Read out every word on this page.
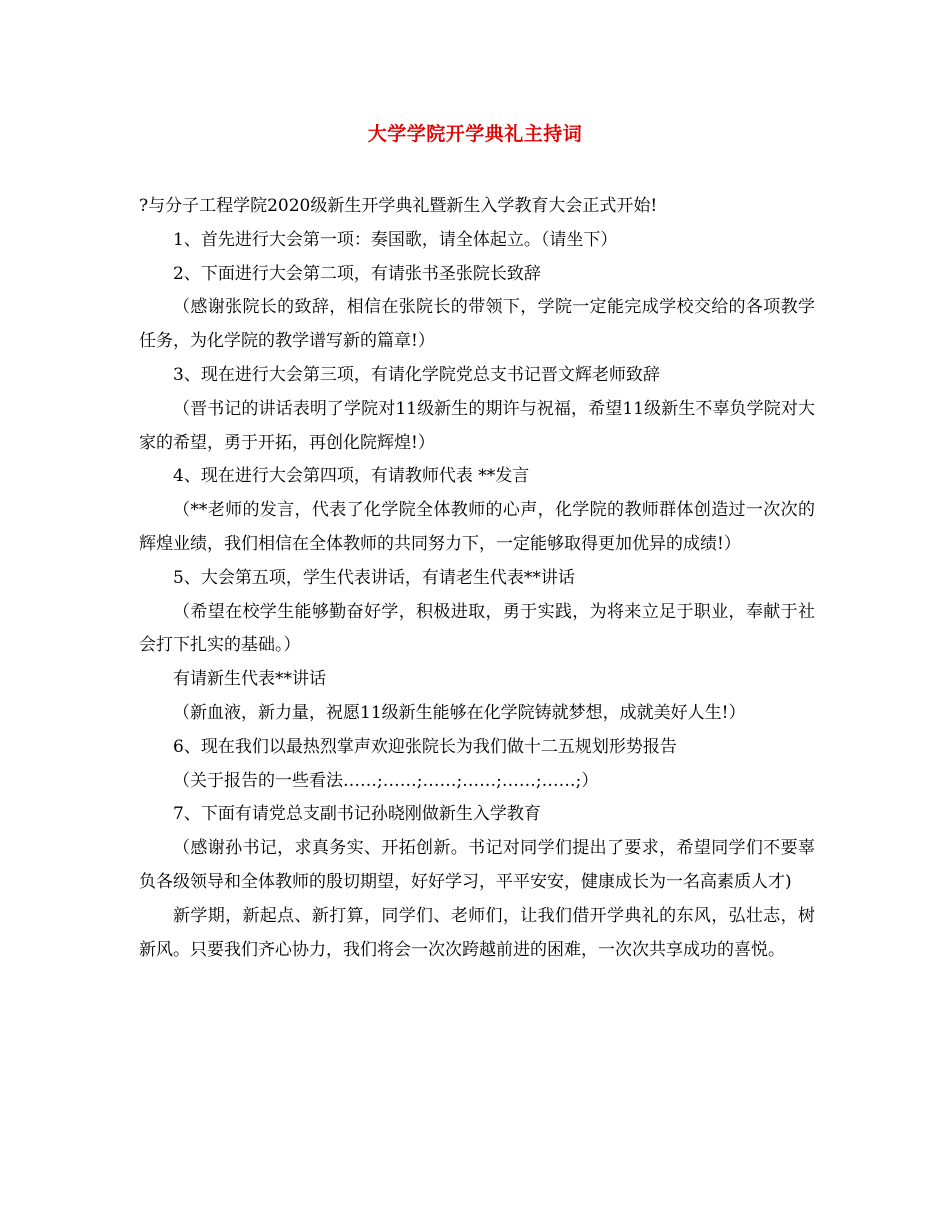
大学学院开学典礼主持词

?与分子工程学院2020级新生开学典礼暨新生入学教育大会正式开始!

1、首先进行大会第一项：奏国歌，请全体起立。（请坐下）

2、下面进行大会第二项，有请张书圣张院长致辞

（感谢张院长的致辞，相信在张院长的带领下，学院一定能完成学校交给的各项教学任务，为化学院的教学谱写新的篇章!）

3、现在进行大会第三项，有请化学院党总支书记晋文辉老师致辞

（晋书记的讲话表明了学院对11级新生的期许与祝福，希望11级新生不辜负学院对大家的希望，勇于开拓，再创化院辉煌!）

4、现在进行大会第四项，有请教师代表 **发言

（**老师的发言，代表了化学院全体教师的心声，化学院的教师群体创造过一次次的辉煌业绩，我们相信在全体教师的共同努力下，一定能够取得更加优异的成绩!）

5、大会第五项，学生代表讲话，有请老生代表**讲话

（希望在校学生能够勤奋好学，积极进取，勇于实践，为将来立足于职业，奉献于社会打下扎实的基础。）

有请新生代表**讲话

（新血液，新力量，祝愿11级新生能够在化学院铸就梦想，成就美好人生!）

6、现在我们以最热烈掌声欢迎张院长为我们做十二五规划形势报告

（关于报告的一些看法……;……;……;……;……;……;）

7、下面有请党总支副书记孙晓刚做新生入学教育

（感谢孙书记，求真务实、开拓创新。书记对同学们提出了要求，希望同学们不要辜负各级领导和全体教师的殷切期望，好好学习，平平安安，健康成长为一名高素质人才)

新学期，新起点、新打算，同学们、老师们，让我们借开学典礼的东风，弘壮志，树新风。只要我们齐心协力，我们将会一次次跨越前进的困难，一次次共享成功的喜悦。
